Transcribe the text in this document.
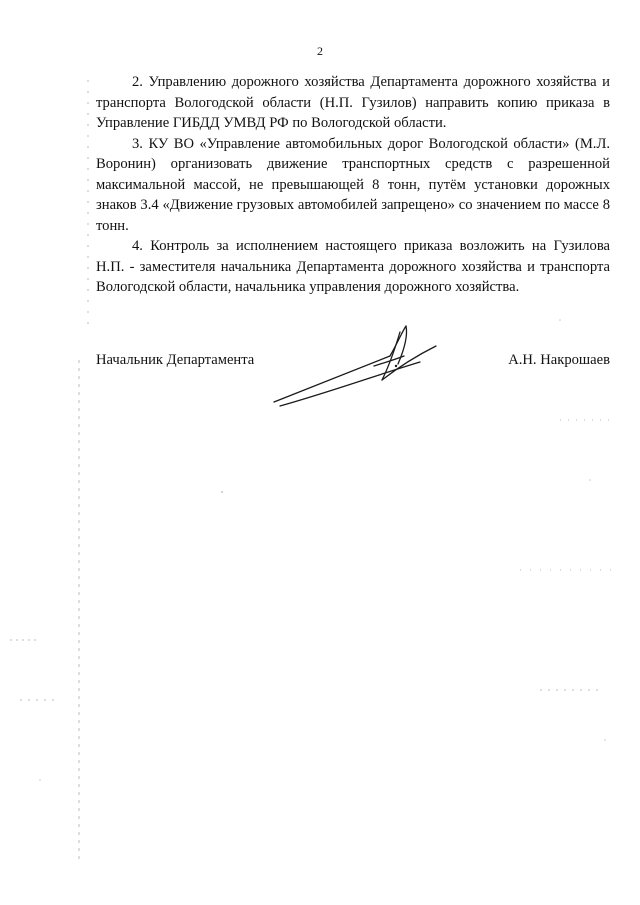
2

2. Управлению дорожного хозяйства Департамента дорожного хозяйства и транспорта Вологодской области (Н.П. Гузилов) направить копию приказа в Управление ГИБДД УМВД РФ по Вологодской области.

3. КУ ВО «Управление автомобильных дорог Вологодской области» (М.Л. Воронин) организовать движение транспортных средств с разрешенной максимальной массой, не превышающей 8 тонн, путём установки дорожных знаков 3.4 «Движение грузовых автомобилей запрещено» со значением по массе 8 тонн.

4. Контроль за исполнением настоящего приказа возложить на Гузилова Н.П. - заместителя начальника Департамента дорожного хозяйства и транспорта Вологодской области, начальника управления дорожного хозяйства.

Начальник Департамента	А.Н. Накрошаев
